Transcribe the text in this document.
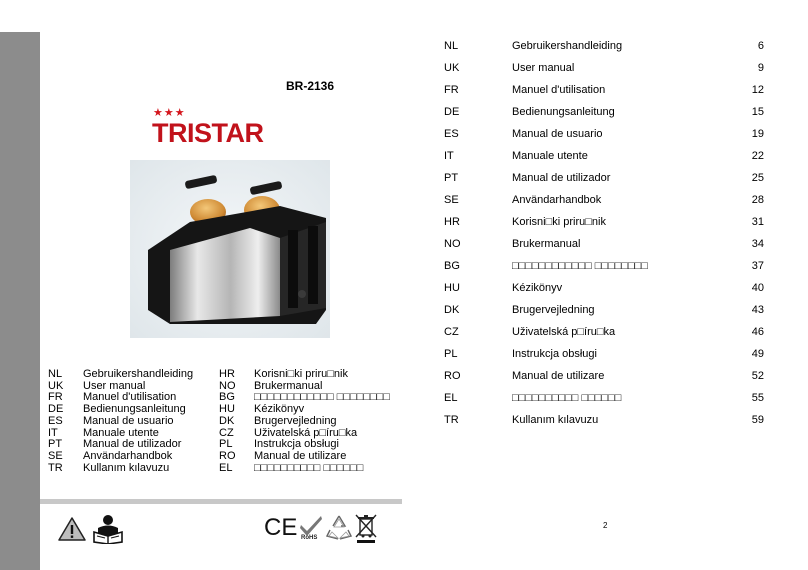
BR-2136
★★★
TRISTAR
NL	Gebruikershandleiding
UK	User manual
FR	Manuel d'utilisation
DE	Bedienungsanleitung
ES	Manual de usuario
IT	Manuale utente
PT	Manual de utilizador
SE	Användarhandbok
TR	Kullanım kılavuzu
HR	Korisni□ki priru□nik
NO	Brukermanual
BG	□□□□□□□□□□□□ □□□□□□□□
HU	Kézikönyv
DK	Brugervejledning
CZ	Uživatelská p□íru□ka
PL	Instrukcja obsługi
RO	Manual de utilizare
EL	□□□□□□□□□□ □□□□□□
CE RoHS
NL	Gebruikershandleiding	6
UK	User manual	9
FR	Manuel d'utilisation	12
DE	Bedienungsanleitung	15
ES	Manual de usuario	19
IT	Manuale utente	22
PT	Manual de utilizador	25
SE	Användarhandbok	28
HR	Korisni□ki priru□nik	31
NO	Brukermanual	34
BG	□□□□□□□□□□□□ □□□□□□□□	37
HU	Kézikönyv	40
DK	Brugervejledning	43
CZ	Uživatelská p□íru□ka	46
PL	Instrukcja obsługi	49
RO	Manual de utilizare	52
EL	□□□□□□□□□□ □□□□□□	55
TR	Kullanım kılavuzu	59
2
